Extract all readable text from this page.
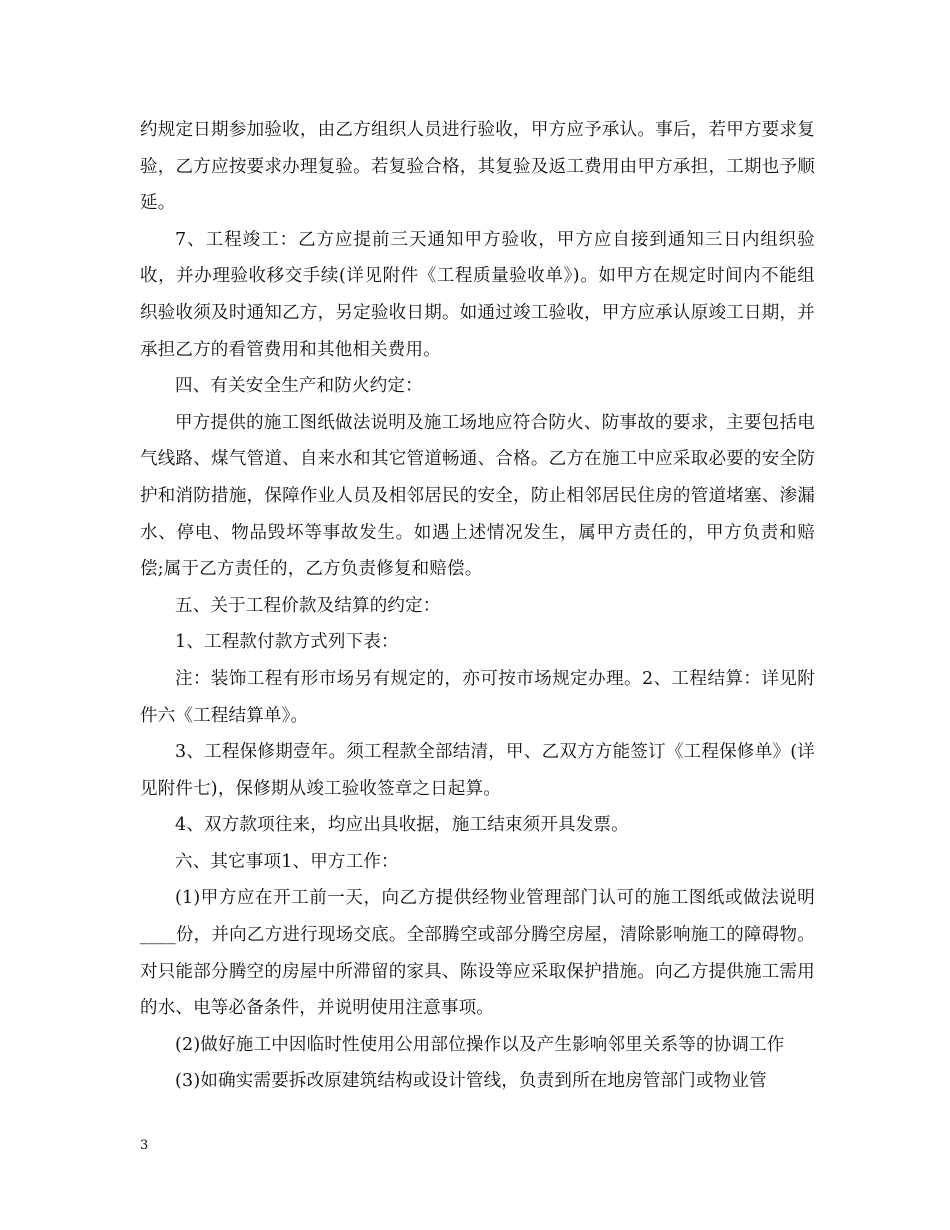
约规定日期参加验收，由乙方组织人员进行验收，甲方应予承认。事后，若甲方要求复验，乙方应按要求办理复验。若复验合格，其复验及返工费用由甲方承担，工期也予顺延。

7、工程竣工：乙方应提前三天通知甲方验收，甲方应自接到通知三日内组织验收，并办理验收移交手续(详见附件《工程质量验收单》)。如甲方在规定时间内不能组织验收须及时通知乙方，另定验收日期。如通过竣工验收，甲方应承认原竣工日期，并承担乙方的看管费用和其他相关费用。

四、有关安全生产和防火约定：

甲方提供的施工图纸做法说明及施工场地应符合防火、防事故的要求，主要包括电气线路、煤气管道、自来水和其它管道畅通、合格。乙方在施工中应采取必要的安全防护和消防措施，保障作业人员及相邻居民的安全，防止相邻居民住房的管道堵塞、渗漏水、停电、物品毁坏等事故发生。如遇上述情况发生，属甲方责任的，甲方负责和赔偿;属于乙方责任的，乙方负责修复和赔偿。

五、关于工程价款及结算的约定：

1、工程款付款方式列下表：

注：装饰工程有形市场另有规定的，亦可按市场规定办理。2、工程结算：详见附件六《工程结算单》。

3、工程保修期壹年。须工程款全部结清，甲、乙双方方能签订《工程保修单》(详见附件七)，保修期从竣工验收签章之日起算。

4、双方款项往来，均应出具收据，施工结束须开具发票。

六、其它事项1、甲方工作：

(1)甲方应在开工前一天，向乙方提供经物业管理部门认可的施工图纸或做法说明____份，并向乙方进行现场交底。全部腾空或部分腾空房屋，清除影响施工的障碍物。对只能部分腾空的房屋中所滞留的家具、陈设等应采取保护措施。向乙方提供施工需用的水、电等必备条件，并说明使用注意事项。

(2)做好施工中因临时性使用公用部位操作以及产生影响邻里关系等的协调工作

(3)如确实需要拆改原建筑结构或设计管线，负责到所在地房管部门或物业管

3
